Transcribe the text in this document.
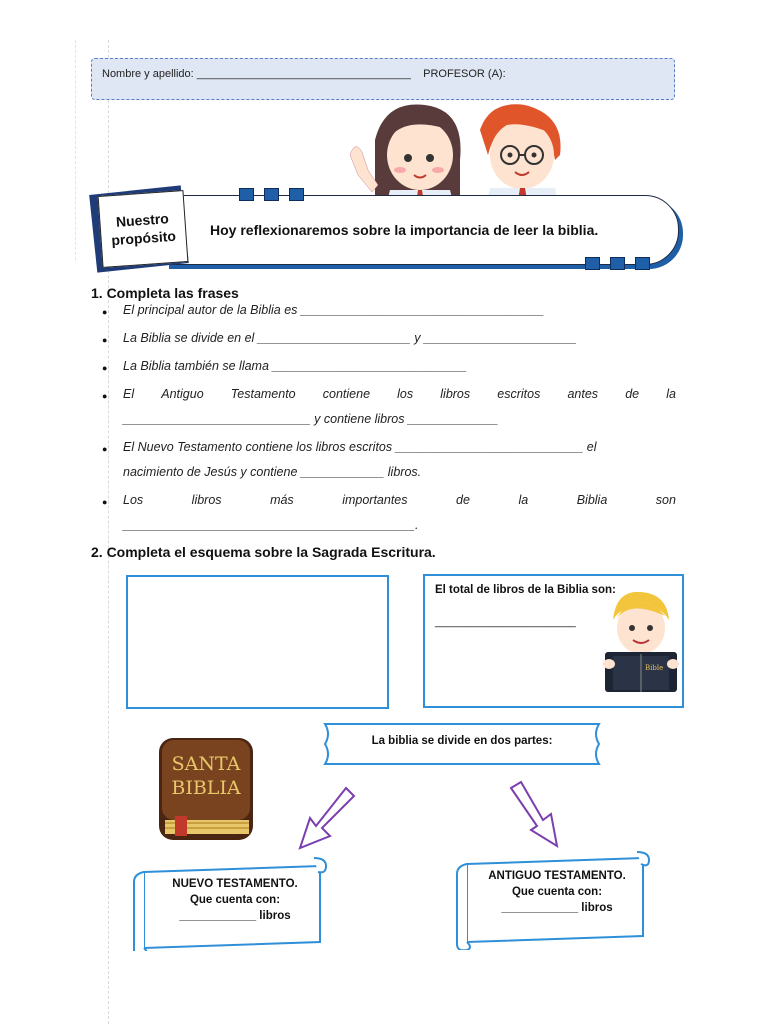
Nombre y apellido: ___________________________________ PROFESOR (A):
Hoy reflexionaremos sobre la importancia de leer la biblia.
Nuestro
propósito
1. Completa las frases
● El principal autor de la Biblia es ___________________________________
● La Biblia se divide en el ______________________ y ______________________
● La Biblia también se llama ____________________________
● El Antiguo Testamento contiene los libros escritos antes de la
___________________________ y contiene libros _____________
● El Nuevo Testamento contiene los libros escritos ___________________________ el
nacimiento de Jesús y contiene ____________ libros.
● Los	libros	más	importantes	de	la	Biblia	son
__________________________________________.
2. Completa el esquema sobre la Sagrada Escritura.
El total de libros de la Biblia son:
_______________________
Bible
La biblia se divide en dos partes:
SANTA
BIBLIA
NUEVO TESTAMENTO.
Que cuenta con:
____________ libros
ANTIGUO TESTAMENTO.
Que cuenta con:
____________ libros
